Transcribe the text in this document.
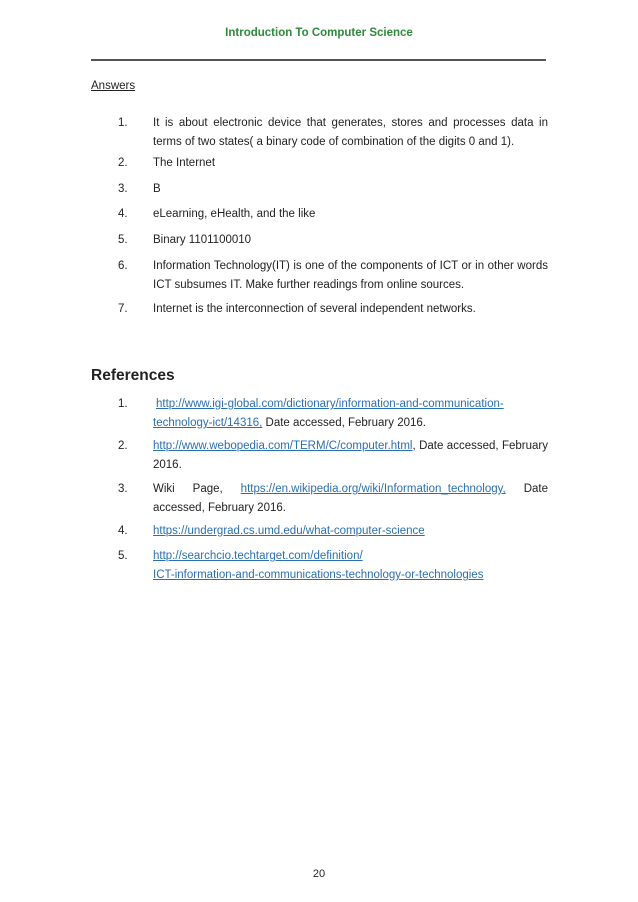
Introduction To Computer Science
Answers
1. It is about electronic device that generates, stores and processes data in terms of two states( a binary code of combination of the digits 0 and 1).
2. The Internet
3. B
4. eLearning, eHealth, and the like
5. Binary 1101100010
6. Information Technology(IT) is one of the components of ICT or in other words ICT subsumes IT. Make further readings from online sources.
7. Internet is the interconnection of several independent networks.
References
1. http://www.igi-global.com/dictionary/information-and-communication-technology-ict/14316, Date accessed, February 2016.
2. http://www.webopedia.com/TERM/C/computer.html, Date accessed, February 2016.
3. Wiki Page, https://en.wikipedia.org/wiki/Information_technology, Date accessed, February 2016.
4. https://undergrad.cs.umd.edu/what-computer-science
5. http://searchcio.techtarget.com/definition/
ICT-information-and-communications-technology-or-technologies
20
